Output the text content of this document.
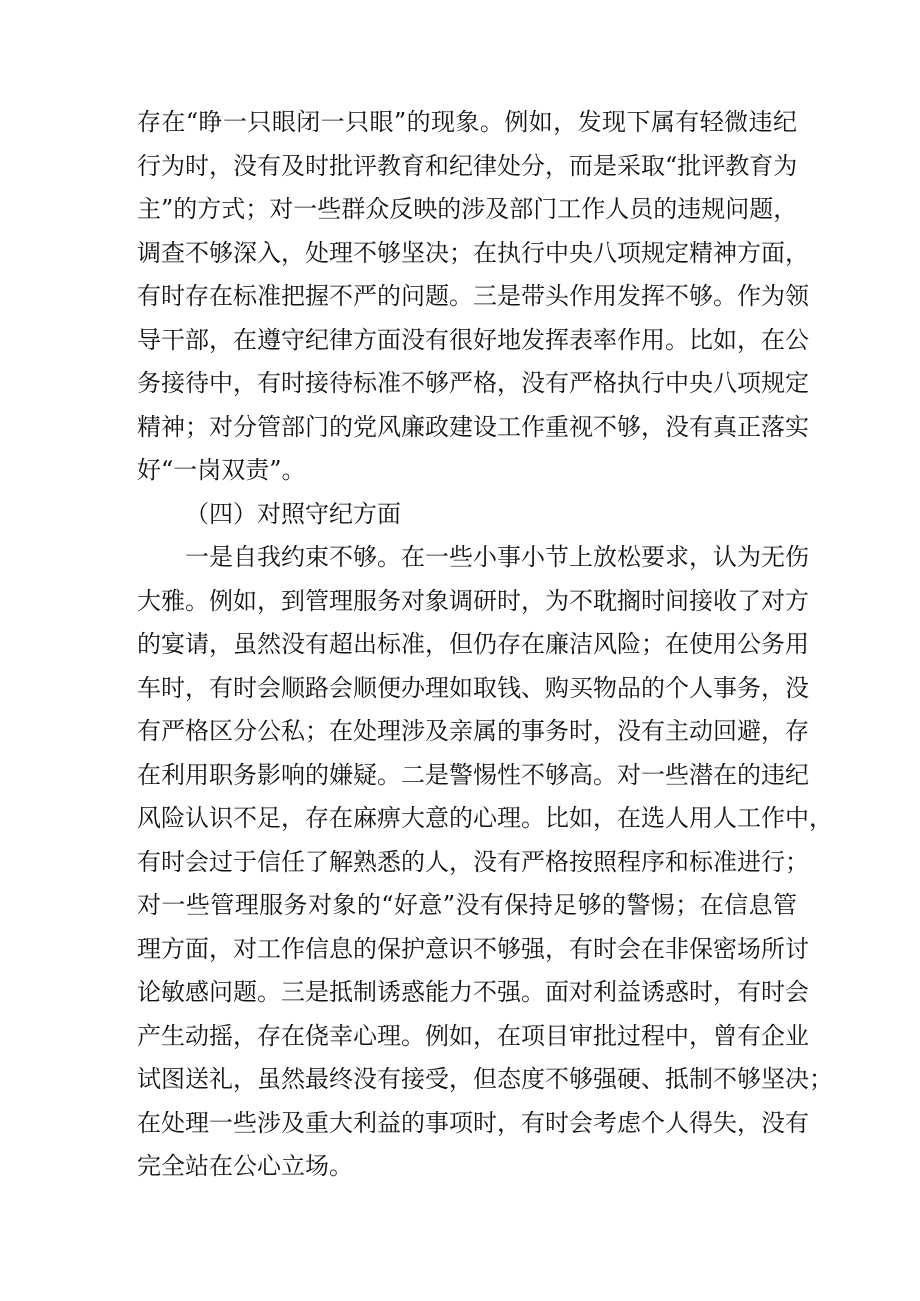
存在“睁一只眼闭一只眼”的现象。例如，发现下属有轻微违纪
行为时，没有及时批评教育和纪律处分，而是采取“批评教育为
主”的方式；对一些群众反映的涉及部门工作人员的违规问题，
调查不够深入，处理不够坚决；在执行中央八项规定精神方面，
有时存在标准把握不严的问题。三是带头作用发挥不够。作为领
导干部，在遵守纪律方面没有很好地发挥表率作用。比如，在公
务接待中，有时接待标准不够严格，没有严格执行中央八项规定
精神；对分管部门的党风廉政建设工作重视不够，没有真正落实
好“一岗双责”。
（四）对照守纪方面
一是自我约束不够。在一些小事小节上放松要求，认为无伤
大雅。例如，到管理服务对象调研时，为不耽搁时间接收了对方
的宴请，虽然没有超出标准，但仍存在廉洁风险；在使用公务用
车时，有时会顺路会顺便办理如取钱、购买物品的个人事务，没
有严格区分公私；在处理涉及亲属的事务时，没有主动回避，存
在利用职务影响的嫌疑。二是警惕性不够高。对一些潜在的违纪
风险认识不足，存在麻痹大意的心理。比如，在选人用人工作中，
有时会过于信任了解熟悉的人，没有严格按照程序和标准进行；
对一些管理服务对象的“好意”没有保持足够的警惕；在信息管
理方面，对工作信息的保护意识不够强，有时会在非保密场所讨
论敏感问题。三是抵制诱惑能力不强。面对利益诱惑时，有时会
产生动摇，存在侥幸心理。例如，在项目审批过程中，曾有企业
试图送礼，虽然最终没有接受，但态度不够强硬、抵制不够坚决；
在处理一些涉及重大利益的事项时，有时会考虑个人得失，没有
完全站在公心立场。
